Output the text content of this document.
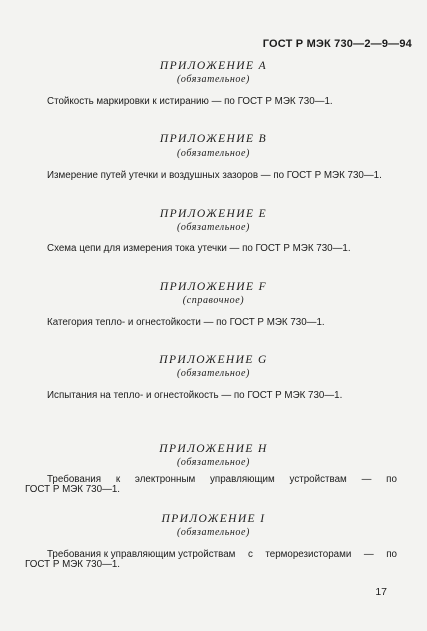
ГОСТ Р МЭК 730—2—9—94
ПРИЛОЖЕНИЕ А
(обязательное)
Стойкость маркировки к истиранию — по ГОСТ Р МЭК 730—1.
ПРИЛОЖЕНИЕ В
(обязательное)
Измерение путей утечки и воздушных зазоров — по ГОСТ Р МЭК 730—1.
ПРИЛОЖЕНИЕ Е
(обязательное)
Схема цепи для измерения тока утечки — по ГОСТ Р МЭК 730—1.
ПРИЛОЖЕНИЕ F
(справочное)
Категория тепло- и огнестойкости — по ГОСТ Р МЭК 730—1.
ПРИЛОЖЕНИЕ G
(обязательное)
Испытания на тепло- и огнестойкость — по ГОСТ Р МЭК 730—1.
ПРИЛОЖЕНИЕ Н
(обязательное)
Требования к электронным управляющим устройствам — по
ГОСТ Р МЭК 730—1.
ПРИЛОЖЕНИЕ I
(обязательное)
Требования к управляющим устройствам с терморезисторами — по
ГОСТ Р МЭК 730—1.
17
